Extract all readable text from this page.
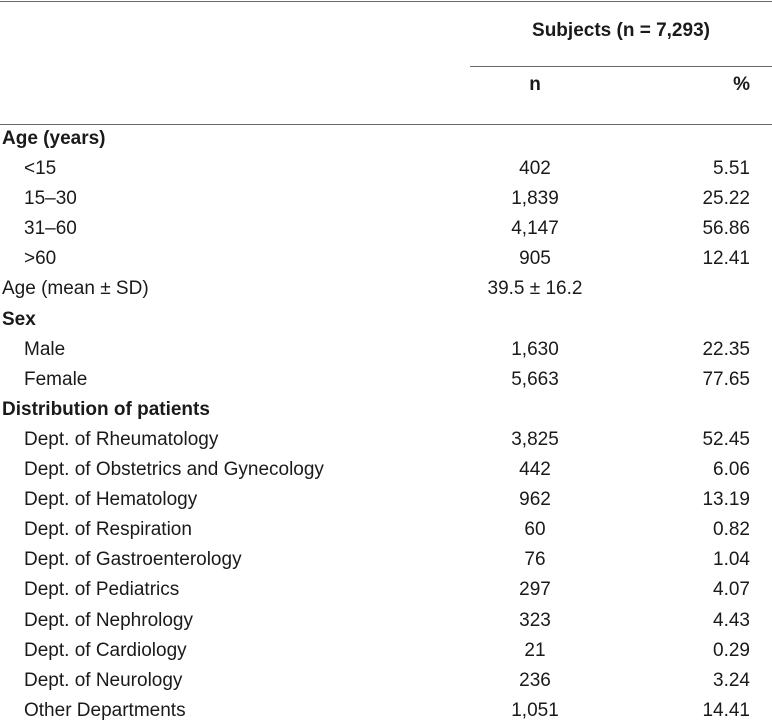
Subjects (n = 7,293)
n	%
Age (years)
<15	402	5.51
15–30	1,839	25.22
31–60	4,147	56.86
>60	905	12.41
Age (mean ± SD)	39.5 ± 16.2
Sex
Male	1,630	22.35
Female	5,663	77.65
Distribution of patients
Dept. of Rheumatology	3,825	52.45
Dept. of Obstetrics and Gynecology	442	6.06
Dept. of Hematology	962	13.19
Dept. of Respiration	60	0.82
Dept. of Gastroenterology	76	1.04
Dept. of Pediatrics	297	4.07
Dept. of Nephrology	323	4.43
Dept. of Cardiology	21	0.29
Dept. of Neurology	236	3.24
Other Departments	1,051	14.41
